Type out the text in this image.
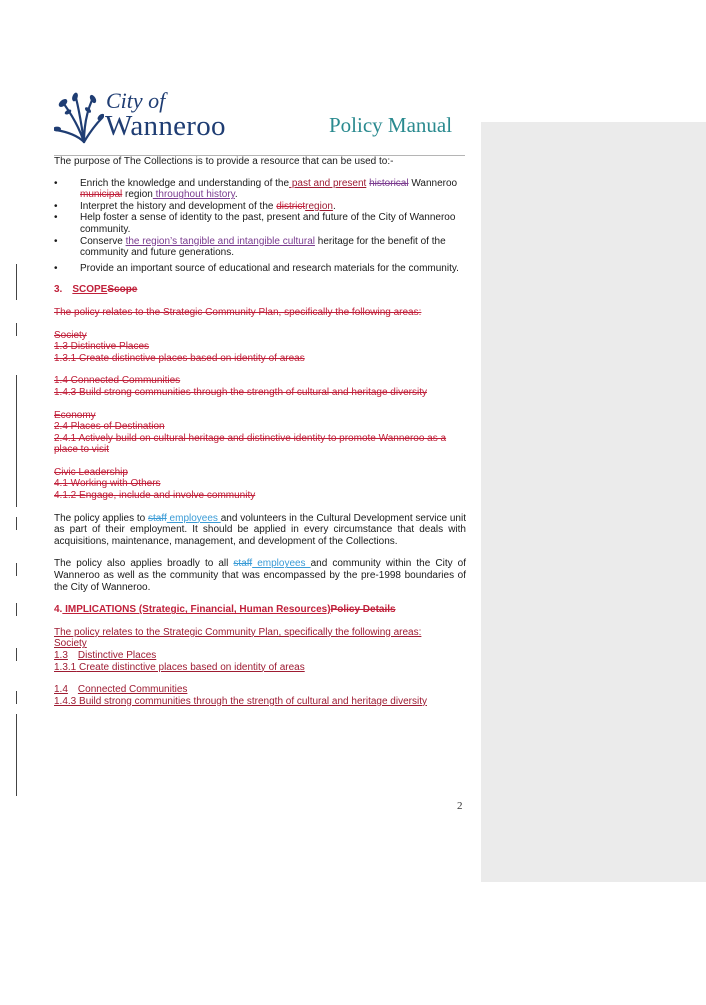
City of
Wanneroo	Policy Manual

The purpose of The Collections is to provide a resource that can be used to:-

• Enrich the knowledge and understanding of the past and present historical Wanneroo
municipal region throughout history.
• Interpret the history and development of the districtregion.
• Help foster a sense of identity to the past, present and future of the City of Wanneroo community.
• Conserve the region’s tangible and intangible cultural heritage for the benefit of the community and future generations.
• Provide an important source of educational and research materials for the community.

3. SCOPEScope

The policy relates to the Strategic Community Plan, specifically the following areas:

Society

1.3 Distinctive Places

1.3.1 Create distinctive places based on identity of areas

1.4 Connected Communities

1.4.3 Build strong communities through the strength of cultural and heritage diversity

Economy

2.4 Places of Destination

2.4.1 Actively build on cultural heritage and distinctive identity to promote Wanneroo as a place to visit

Civic Leadership

4.1 Working with Others

4.1.2 Engage, include and involve community

The policy applies to staff employees and volunteers in the Cultural Development service unit as part of their employment. It should be applied in every circumstance that deals with acquisitions, maintenance, management, and development of the Collections.

The policy also applies broadly to all staff employees and community within the City of Wanneroo as well as the community that was encompassed by the pre-1998 boundaries of the City of Wanneroo.

4. IMPLICATIONS (Strategic, Financial, Human Resources)Policy Details

The policy relates to the Strategic Community Plan, specifically the following areas:

Society

1.3 Distinctive Places

1.3.1 Create distinctive places based on identity of areas

1.4 Connected Communities

1.4.3 Build strong communities through the strength of cultural and heritage diversity

2
